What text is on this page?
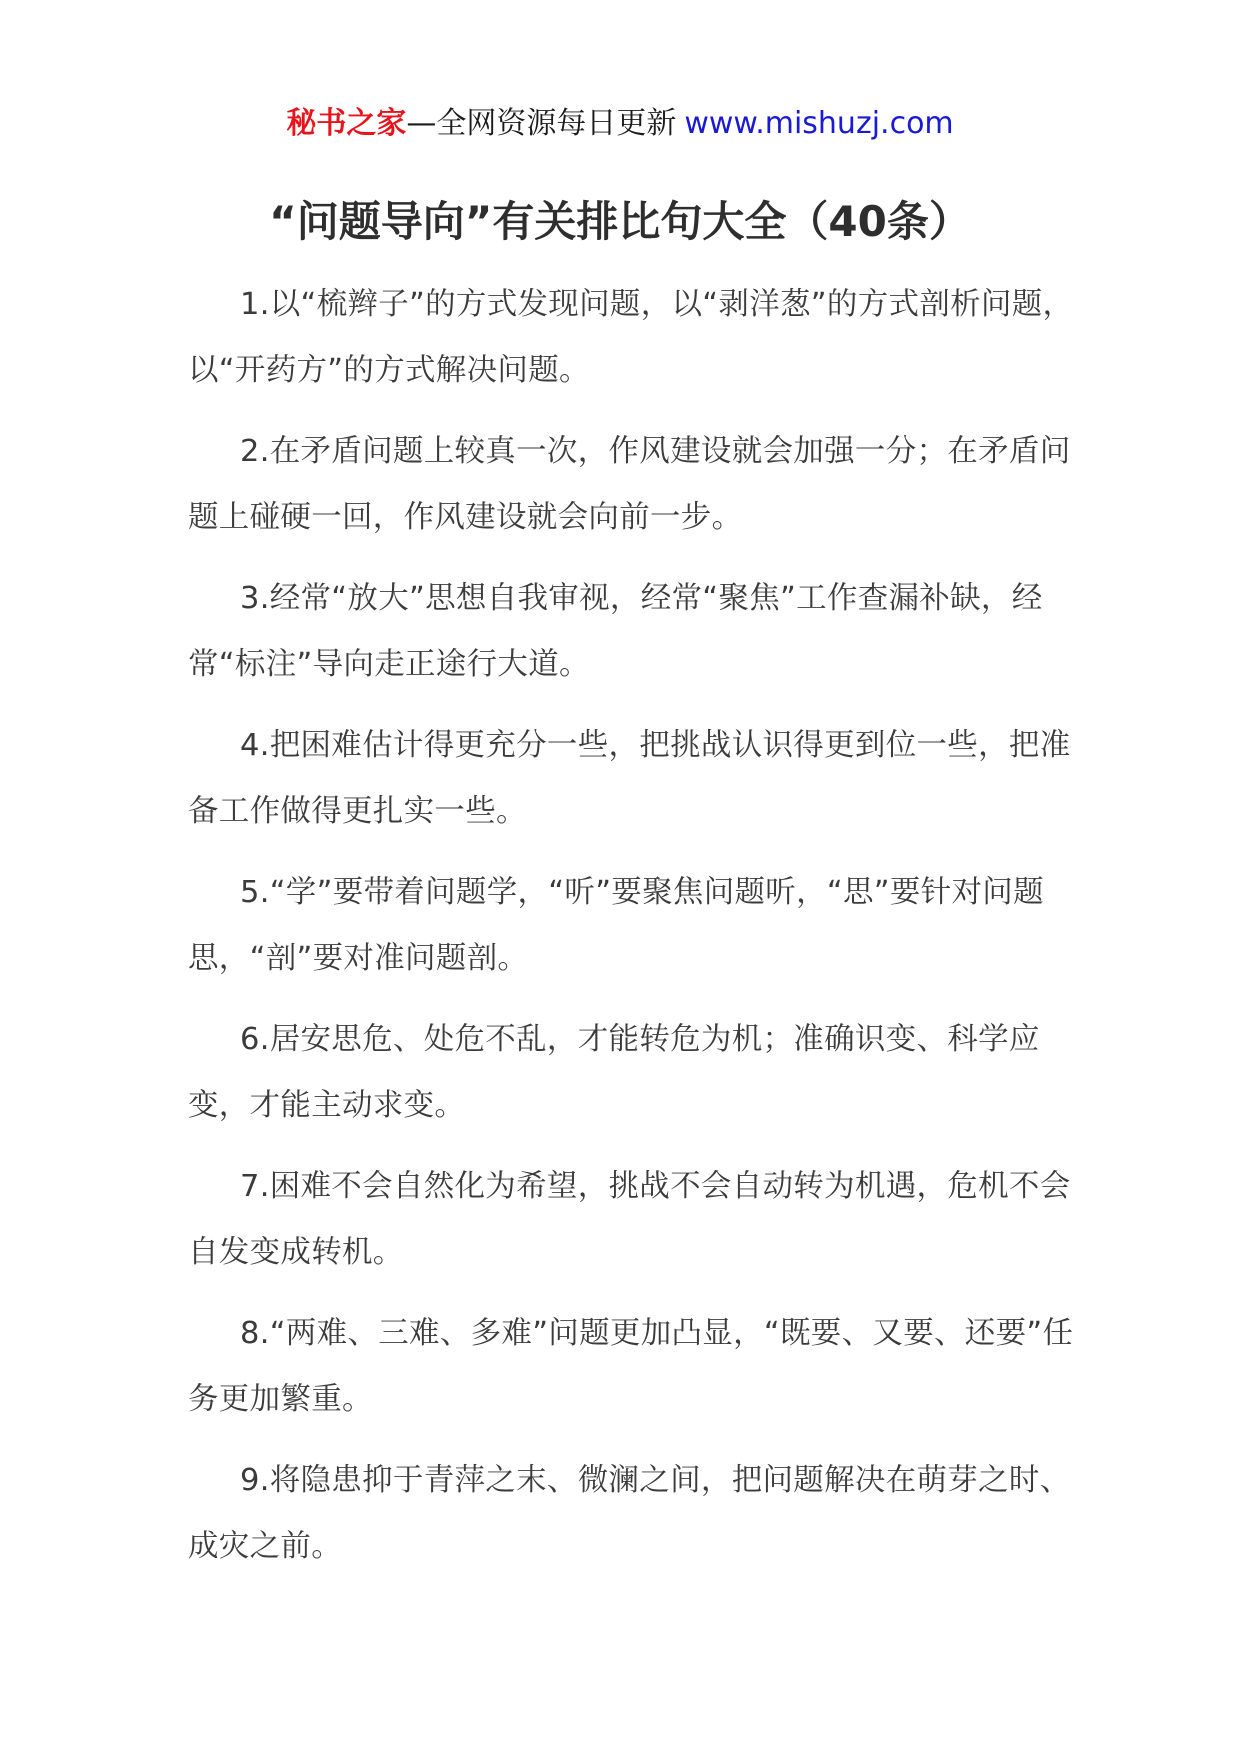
秘书之家—全网资源每日更新 www.mishuzj.com
“问题导向”有关排比句大全（40条）

1.以“梳辫子”的方式发现问题，以“剥洋葱”的方式剖析问题，以“开药方”的方式解决问题。

2.在矛盾问题上较真一次，作风建设就会加强一分；在矛盾问题上碰硬一回，作风建设就会向前一步。

3.经常“放大”思想自我审视，经常“聚焦”工作查漏补缺，经常“标注”导向走正途行大道。

4.把困难估计得更充分一些，把挑战认识得更到位一些，把准备工作做得更扎实一些。

5.“学”要带着问题学，“听”要聚焦问题听，“思”要针对问题思，“剖”要对准问题剖。

6.居安思危、处危不乱，才能转危为机；准确识变、科学应变，才能主动求变。

7.困难不会自然化为希望，挑战不会自动转为机遇，危机不会自发变成转机。

8.“两难、三难、多难”问题更加凸显，“既要、又要、还要”任务更加繁重。

9.将隐患抑于青萍之末、微澜之间，把问题解决在萌芽之时、成灾之前。
